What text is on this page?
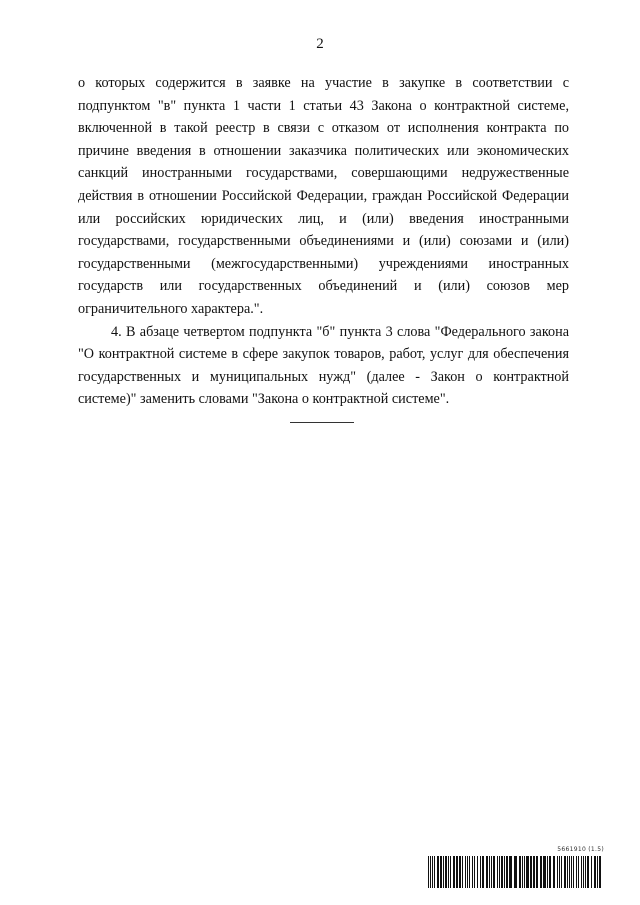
2

о которых содержится в заявке на участие в закупке в соответствии с подпунктом "в" пункта 1 части 1 статьи 43 Закона о контрактной системе, включенной в такой реестр в связи с отказом от исполнения контракта по причине введения в отношении заказчика политических или экономических санкций иностранными государствами, совершающими недружественные действия в отношении Российской Федерации, граждан Российской Федерации или российских юридических лиц, и (или) введения иностранными государствами, государственными объединениями и (или) союзами и (или) государственными (межгосударственными) учреждениями иностранных государств или государственных объединений и (или) союзов мер ограничительного характера.".

4. В абзаце четвертом подпункта "б" пункта 3 слова "Федерального закона "О контрактной системе в сфере закупок товаров, работ, услуг для обеспечения государственных и муниципальных нужд" (далее - Закон о контрактной системе)" заменить словами "Закона о контрактной системе".

5661910 (1.5)
